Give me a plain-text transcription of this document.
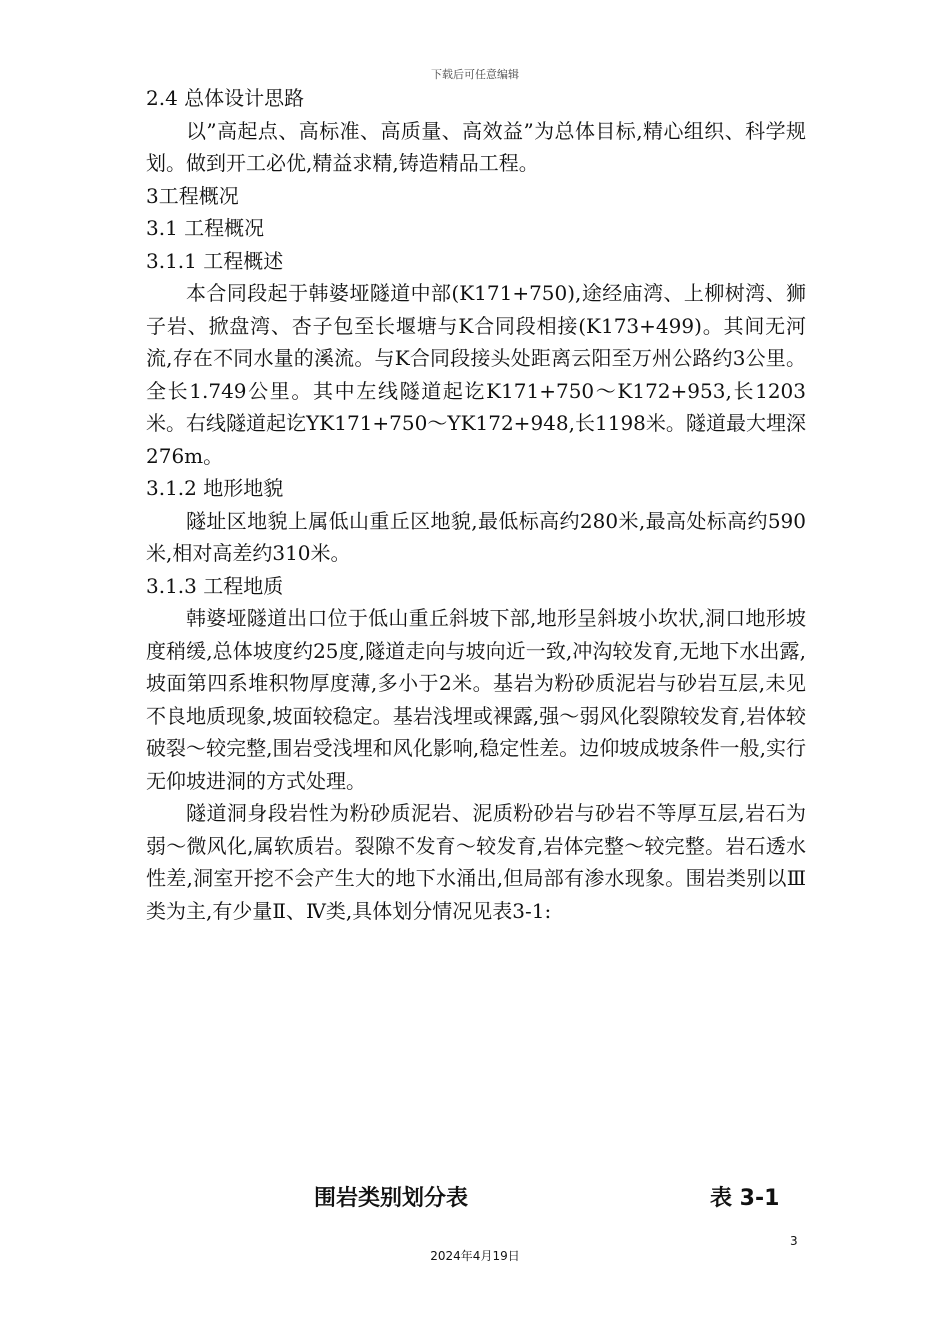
下载后可任意编辑

2.4 总体设计思路

以”高起点、高标准、高质量、高效益”为总体目标,精心组织、科学规划。做到开工必优,精益求精,铸造精品工程。

3工程概况

3.1 工程概况

3.1.1 工程概述

本合同段起于韩婆垭隧道中部(K171+750),途经庙湾、上柳树湾、狮子岩、掀盘湾、杏子包至长堰塘与K合同段相接(K173+499)。其间无河流,存在不同水量的溪流。与K合同段接头处距离云阳至万州公路约3公里。全长1.749公里。其中左线隧道起讫K171+750～K172+953,长1203米。右线隧道起讫YK171+750～YK172+948,长1198米。隧道最大埋深276m。

3.1.2 地形地貌

隧址区地貌上属低山重丘区地貌,最低标高约280米,最高处标高约590米,相对高差约310米。

3.1.3 工程地质

韩婆垭隧道出口位于低山重丘斜坡下部,地形呈斜坡小坎状,洞口地形坡度稍缓,总体坡度约25度,隧道走向与坡向近一致,冲沟较发育,无地下水出露,坡面第四系堆积物厚度薄,多小于2米。基岩为粉砂质泥岩与砂岩互层,未见不良地质现象,坡面较稳定。基岩浅埋或裸露,强～弱风化裂隙较发育,岩体较破裂～较完整,围岩受浅埋和风化影响,稳定性差。边仰坡成坡条件一般,实行无仰坡进洞的方式处理。

隧道洞身段岩性为粉砂质泥岩、泥质粉砂岩与砂岩不等厚互层,岩石为弱～微风化,属软质岩。裂隙不发育～较发育,岩体完整～较完整。岩石透水性差,洞室开挖不会产生大的地下水涌出,但局部有渗水现象。围岩类别以Ⅲ类为主,有少量Ⅱ、Ⅳ类,具体划分情况见表3-1:

围岩类别划分表	表 3-1
3
2024年4月19日
